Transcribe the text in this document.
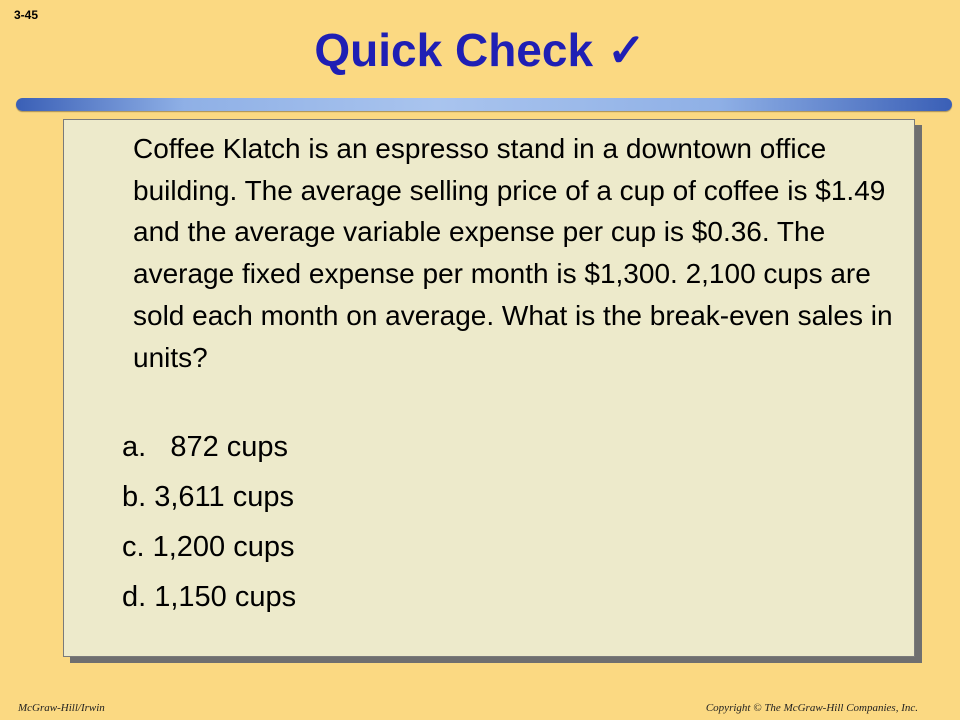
3-45
Quick Check ✓

Coffee Klatch is an espresso stand in a downtown office building. The average selling price of a cup of coffee is $1.49 and the average variable expense per cup is $0.36. The average fixed expense per month is $1,300. 2,100 cups are sold each month on average. What is the break-even sales in units?

a.   872 cups
b. 3,611 cups
c. 1,200 cups
d. 1,150 cups
McGraw-Hill/Irwin	Copyright © The McGraw-Hill Companies, Inc.
